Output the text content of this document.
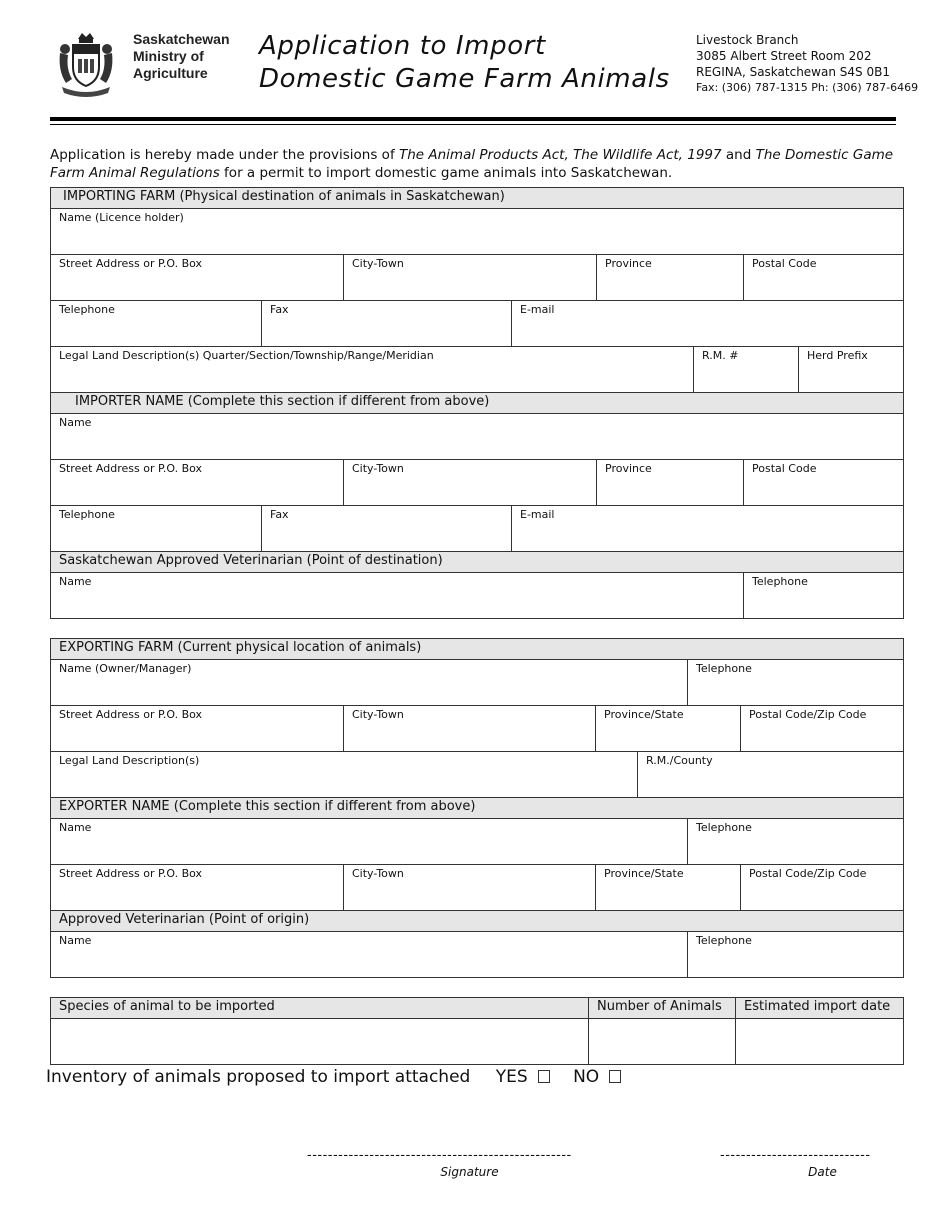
Saskatchewan
Ministry of
Agriculture
Application to Import
Domestic Game Farm Animals
Livestock Branch
3085 Albert Street Room 202
REGINA, Saskatchewan S4S 0B1
Fax: (306) 787-1315 Ph: (306) 787-6469
Application is hereby made under the provisions of The Animal Products Act, The Wildlife Act, 1997 and The Domestic Game Farm Animal Regulations for a permit to import domestic game animals into Saskatchewan.
IMPORTING FARM (Physical destination of animals in Saskatchewan)							

Name (Licence holder)							

Street Address or P.O. Box		City-Town		Province		Postal Code	

Telephone	Fax		E-mail				

Legal Land Description(s) Quarter/Section/Township/Range/Meridian					R.M. #		Herd Prefix

IMPORTER NAME (Complete this section if different from above)							

Name							

Street Address or P.O. Box		City-Town		Province		Postal Code	

Telephone	Fax		E-mail				

Saskatchewan Approved Veterinarian (Point of destination)							

Name						Telephone	
EXPORTING FARM (Current physical location of animals)					

Name (Owner/Manager)				Telephone	

Street Address or P.O. Box	City-Town	Province/State			Postal Code/Zip Code

Legal Land Description(s)			R.M./County		

EXPORTER NAME (Complete this section if different from above)					

Name				Telephone	

Street Address or P.O. Box	City-Town	Province/State			Postal Code/Zip Code

Approved Veterinarian (Point of origin)					

Name				Telephone	
Species of animal to be imported	Number of Animals	Estimated import date

Inventory of animals proposed to import attached YES	NO
---------------------------------------------------
Signature
-----------------------------
Date
